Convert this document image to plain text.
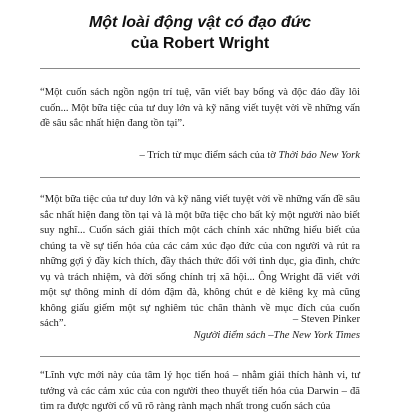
Một loài động vật có đạo đức
của Robert Wright
“Một cuốn sách ngồn ngộn trí tuệ, văn viết bay bổng và độc đáo đầy lôi cuốn... Một bữa tiệc của tư duy lớn và kỹ năng viết tuyệt vời về những vấn đề sâu sắc nhất hiện đang tồn tại”.
– Trích từ mục điểm sách của tờ Thời báo New York
“Một bữa tiệc của tư duy lớn và kỹ năng viết tuyệt vời về những vấn đề sâu sắc nhất hiện đang tồn tại và là một bữa tiệc cho bất kỳ một người nào biết suy nghĩ... Cuốn sách giải thích một cách chính xác những hiểu biết của chúng ta về sự tiến hóa của các cảm xúc đạo đức của con người và rút ra những gợi ý đầy kích thích, đầy thách thức đối với tình dục, gia đình, chức vụ và trách nhiệm, và đời sống chính trị xã hội... Ông Wright đã viết với một sự thông minh dí dỏm đậm đà, không chút e dè kiêng kỵ mà cũng không giấu giếm một sự nghiêm túc chân thành về mục đích của cuốn sách”.	– Steven Pinker
Người điểm sách –The New York Times
“Lĩnh vực mới này của tâm lý học tiến hoá – nhằm giải thích hành vi, tư tưởng và các cảm xúc của con người theo thuyết tiến hóa của Darwin – đã tìm ra được người cổ vũ rõ ràng rành mạch nhất trong cuốn sách của
